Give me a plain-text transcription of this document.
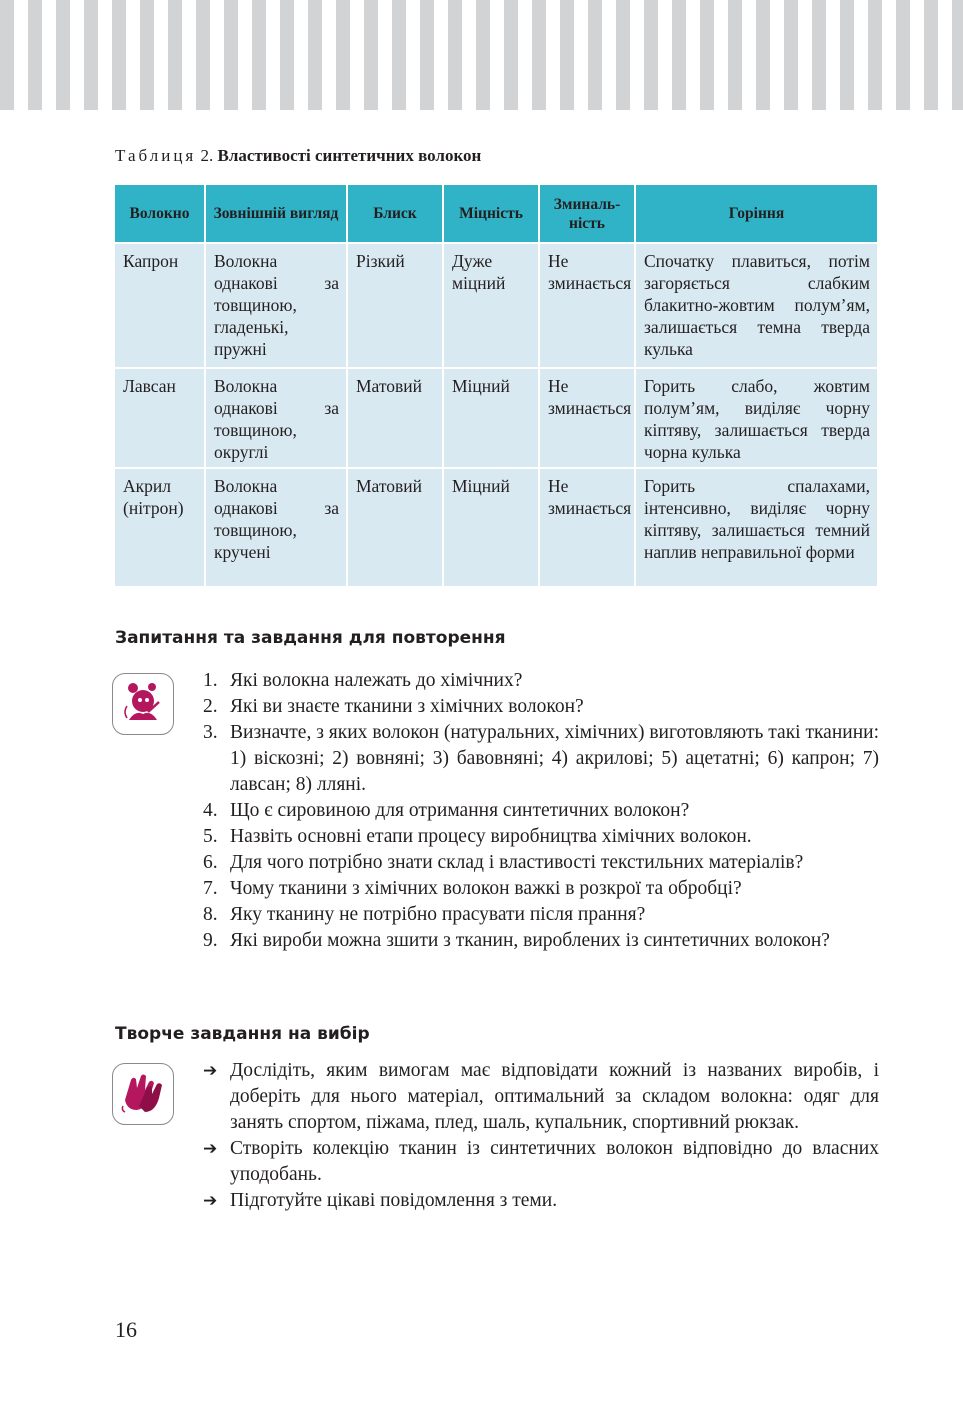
Таблиця 2. Властивості синтетичних волокон
Волокно	Зовнішній вигляд	Блиск	Міцність	Зминаль-ність	Горіння
Капрон	Волокна однакові за товщиною, гладенькі, пружні	Різкий	Дуже міцний	Не зминається	Спочатку плавиться, потім загоряється слабким блакитно-жовтим полум’ям, залишається темна тверда кулька
Лавсан	Волокна однакові за товщиною, округлі	Матовий	Міцний	Не зминається	Горить слабо, жовтим полум’ям, виділяє чорну кіптяву, залишається тверда чорна кулька
Акрил (нітрон)	Волокна однакові за товщиною, кручені	Матовий	Міцний	Не зминається	Горить спалахами, інтенсивно, виділяє чорну кіптяву, залишається темний наплив неправильної форми
Запитання та завдання для повторення
1. Які волокна належать до хімічних?
2. Які ви знаєте тканини з хімічних волокон?
3. Визначте, з яких волокон (натуральних, хімічних) виготовляють такі тканини: 1) віскозні; 2) вовняні; 3) бавовняні; 4) акрилові; 5) ацетатні; 6) капрон; 7) лавсан; 8) лляні.
4. Що є сировиною для отримання синтетичних волокон?
5. Назвіть основні етапи процесу виробництва хімічних волокон.
6. Для чого потрібно знати склад і властивості текстильних матеріалів?
7. Чому тканини з хімічних волокон важкі в розкрої та обробці?
8. Яку тканину не потрібно прасувати після прання?
9. Які вироби можна зшити з тканин, вироблених із синтетичних волокон?
Творче завдання на вибір
➔ Дослідіть, яким вимогам має відповідати кожний із названих виробів, і доберіть для нього матеріал, оптимальний за складом волокна: одяг для занять спортом, піжама, плед, шаль, купальник, спортивний рюкзак.
➔ Створіть колекцію тканин із синтетичних волокон відповідно до власних уподобань.
➔ Підготуйте цікаві повідомлення з теми.
16
